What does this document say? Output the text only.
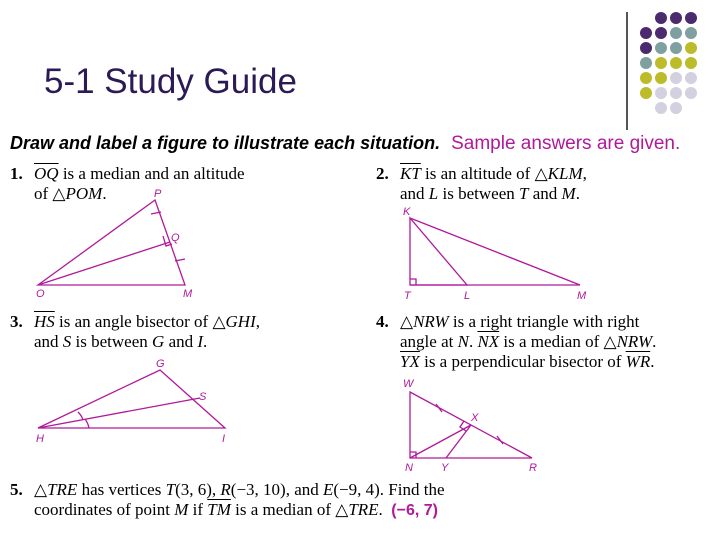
5-1 Study Guide
Draw and label a figure to illustrate each situation. Sample answers are given.
1. $\overline{OQ}$ is a median and an altitude
of △POM.
2. $\overline{KT}$ is an altitude of △KLM,
and L is between T and M.
3. $\overline{HS}$ is an angle bisector of △GHI,
and S is between G and I.
4. △NRW is a right triangle with right
angle at N. $\overline{NX}$ is a median of △NRW.
$\overline{YX}$ is a perpendicular bisector of $\overline{WR}$.
5. △TRE has vertices T(3, 6), R(−3, 10), and E(−9, 4). Find the
coordinates of point M if $\overline{TM}$ is a median of △TRE. (−6, 7)
P
Q
O	M
K
T	L	M
G
S
H	I
W
X
N	Y	R
